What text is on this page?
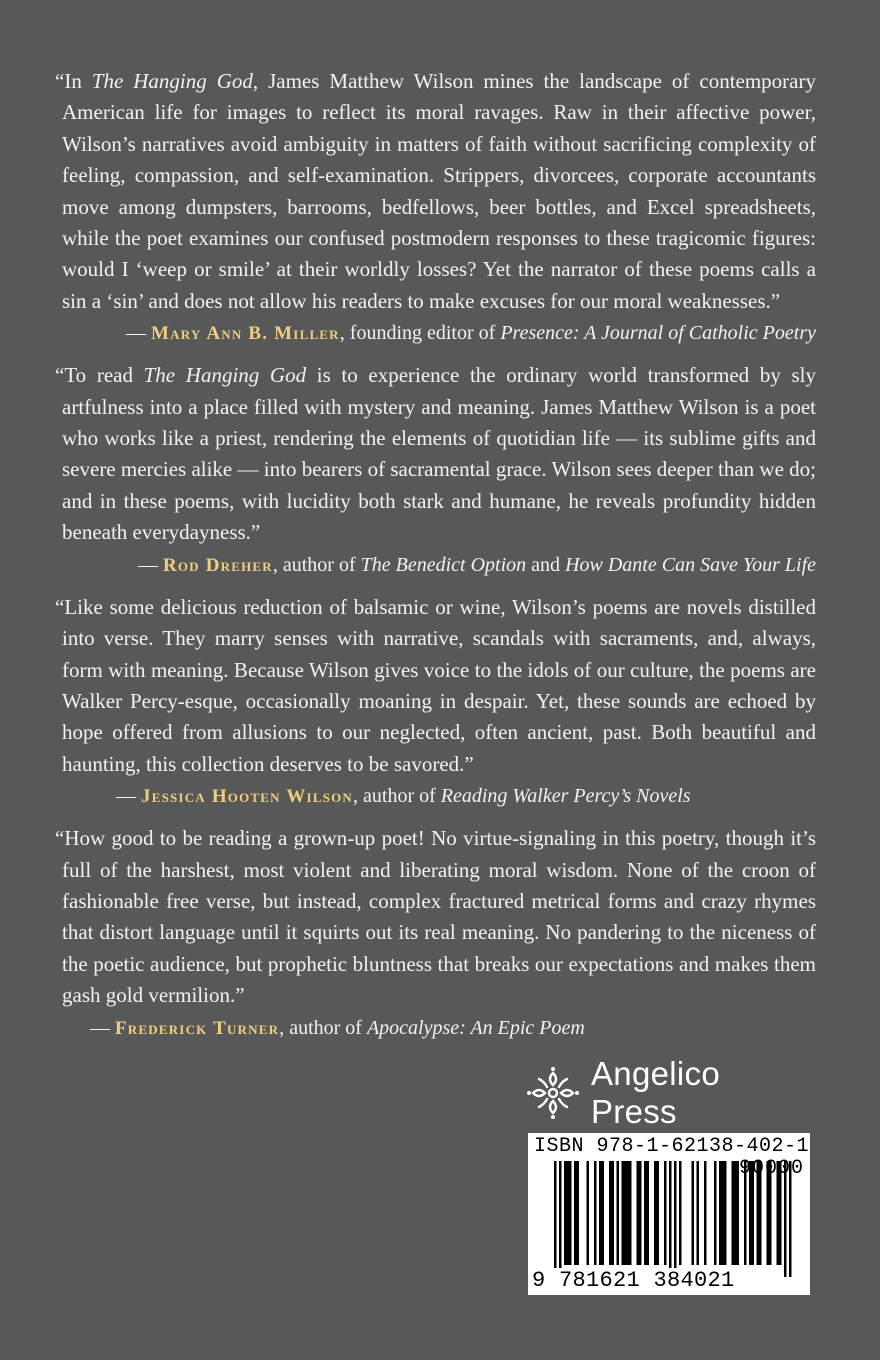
“In The Hanging God, James Matthew Wilson mines the landscape of contemporary American life for images to reflect its moral ravages. Raw in their affective power, Wilson’s narratives avoid ambiguity in matters of faith without sacrificing complexity of feeling, compassion, and self-examination. Strippers, divorcees, corporate accountants move among dumpsters, barrooms, bedfellows, beer bottles, and Excel spreadsheets, while the poet examines our confused postmodern responses to these tragicomic figures: would I ‘weep or smile’ at their worldly losses? Yet the narrator of these poems calls a sin a ‘sin’ and does not allow his readers to make excuses for our moral weaknesses.”

— Mary Ann B. Miller, founding editor of Presence: A Journal of Catholic Poetry

“To read The Hanging God is to experience the ordinary world transformed by sly artfulness into a place filled with mystery and meaning. James Matthew Wilson is a poet who works like a priest, rendering the elements of quotidian life — its sublime gifts and severe mercies alike — into bearers of sacramental grace. Wilson sees deeper than we do; and in these poems, with lucidity both stark and humane, he reveals profundity hidden beneath everydayness.”

— Rod Dreher, author of The Benedict Option and How Dante Can Save Your Life

“Like some delicious reduction of balsamic or wine, Wilson’s poems are novels distilled into verse. They marry senses with narrative, scandals with sacraments, and, always, form with meaning. Because Wilson gives voice to the idols of our culture, the poems are Walker Percy-esque, occasionally moaning in despair. Yet, these sounds are echoed by hope offered from allusions to our neglected, often ancient, past. Both beautiful and haunting, this collection deserves to be savored.”

— Jessica Hooten Wilson, author of Reading Walker Percy’s Novels

“How good to be reading a grown-up poet! No virtue-signaling in this poetry, though it’s full of the harshest, most violent and liberating moral wisdom. None of the croon of fashionable free verse, but instead, complex fractured metrical forms and crazy rhymes that distort language until it squirts out its real meaning. No pandering to the niceness of the poetic audience, but prophetic bluntness that breaks our expectations and makes them gash gold vermilion.”

— Frederick Turner, author of Apocalypse: An Epic Poem

Angelico Press
ISBN 978-1-62138-402-1
90000
9 781621 384021
